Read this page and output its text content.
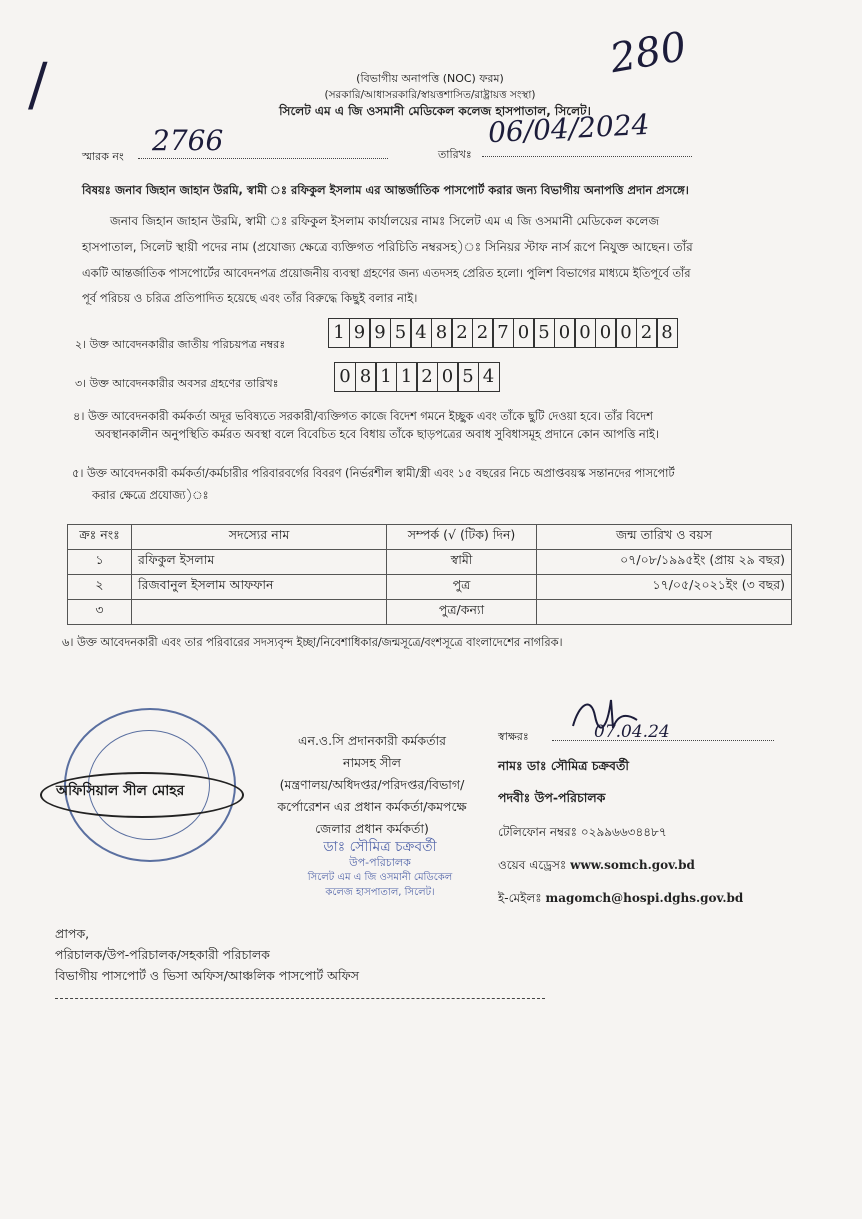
/	280
(বিভাগীয় অনাপত্তি (NOC) ফরম)
(সরকারি/আধাসরকারি/স্বায়ত্তশাসিত/রাষ্ট্রায়ত্ত সংস্থা)
সিলেট এম এ জি ওসমানী মেডিকেল কলেজ হাসপাতাল, সিলেট।
স্মারক নং 2766	তারিখঃ
06/04/2024
বিষয়ঃ জনাব জিহান জাহান উরমি, স্বামী ঃ রফিকুল ইসলাম এর আন্তর্জাতিক পাসপোর্ট করার জন্য বিভাগীয় অনাপত্তি প্রদান প্রসঙ্গে।
জনাব জিহান জাহান উরমি, স্বামী ঃ রফিকুল ইসলাম কার্যালয়ের নামঃ সিলেট এম এ জি ওসমানী মেডিকেল কলেজ
হাসপাতাল, সিলেট স্থায়ী পদের নাম (প্রযোজ্য ক্ষেত্রে ব্যক্তিগত পরিচিতি নম্বরসহ)ঃ সিনিয়র স্টাফ নার্স রূপে নিযুক্ত আছেন। তাঁর
একটি আন্তর্জাতিক পাসপোর্টের আবেদনপত্র প্রয়োজনীয় ব্যবস্থা গ্রহণের জন্য এতদসহ প্রেরিত হলো। পুলিশ বিভাগের মাধ্যমে ইতিপূর্বে তাঁর
পূর্ব পরিচয় ও চরিত্র প্রতিপাদিত হয়েছে এবং তাঁর বিরুদ্ধে কিছুই বলার নাই।
২। উক্ত আবেদনকারীর জাতীয় পরিচয়পত্র নম্বরঃ
1 9 9 5 4 8 2 2 7 0 5 0 0 0 0 2 8
৩। উক্ত আবেদনকারীর অবসর গ্রহণের তারিখঃ	0 8 1 1 2 0 5 4
৪। উক্ত আবেদনকারী কর্মকর্তা অদূর ভবিষ্যতে সরকারী/ব্যক্তিগত কাজে বিদেশ গমনে ইচ্ছুক এবং তাঁকে ছুটি দেওয়া হবে। তাঁর বিদেশ
অবস্থানকালীন অনুপস্থিতি কর্মরত অবস্থা বলে বিবেচিত হবে বিধায় তাঁকে ছাড়পত্রের অবাধ সুবিধাসমূহ প্রদানে কোন আপত্তি নাই।
৫। উক্ত আবেদনকারী কর্মকর্তা/কর্মচারীর পরিবারবর্গের বিবরণ (নির্ভরশীল স্বামী/স্ত্রী এবং ১৫ বছরের নিচে অপ্রাপ্তবয়স্ক সন্তানদের পাসপোর্ট
করার ক্ষেত্রে প্রযোজ্য)ঃ
ক্রঃ নংঃ	সদস্যের নাম	সম্পর্ক (√ (টিক) দিন)	জন্ম তারিখ ও বয়স
১	রফিকুল ইসলাম	স্বামী	০৭/০৮/১৯৯৫ইং (প্রায় ২৯ বছর)
২	রিজবানুল ইসলাম আফফান	পুত্র	১৭/০৫/২০২১ইং (৩ বছর)
৩		পুত্র/কন্যা	
৬। উক্ত আবেদনকারী এবং তার পরিবারের সদস্যবৃন্দ ইচ্ছা/নিবেশাধিকার/জন্মসূত্রে/বংশসূত্রে বাংলাদেশের নাগরিক।
অফিসিয়াল সীল মোহর
এন.ও.সি প্রদানকারী কর্মকর্তার
নামসহ সীল
(মন্ত্রণালয়/অধিদপ্তর/পরিদপ্তর/বিভাগ/
কর্পোরেশন এর প্রধান কর্মকর্তা/কমপক্ষে
জেলার প্রধান কর্মকর্তা)
ডাঃ সৌমিত্র চক্রবর্তী
উপ-পরিচালক
সিলেট এম এ জি ওসমানী মেডিকেল
কলেজ হাসপাতাল, সিলেট।
স্বাক্ষরঃ	07.04.24
নামঃ ডাঃ সৌমিত্র চক্রবর্তী
পদবীঃ উপ-পরিচালক
টেলিফোন নম্বরঃ ০২৯৯৬৬৩৪৪৮৭
ওয়েব এড্রেসঃ www.somch.gov.bd
ই-মেইলঃ magomch@hospi.dghs.gov.bd
প্রাপক,
পরিচালক/উপ-পরিচালক/সহকারী পরিচালক
বিভাগীয় পাসপোর্ট ও ভিসা অফিস/আঞ্চলিক পাসপোর্ট অফিস
